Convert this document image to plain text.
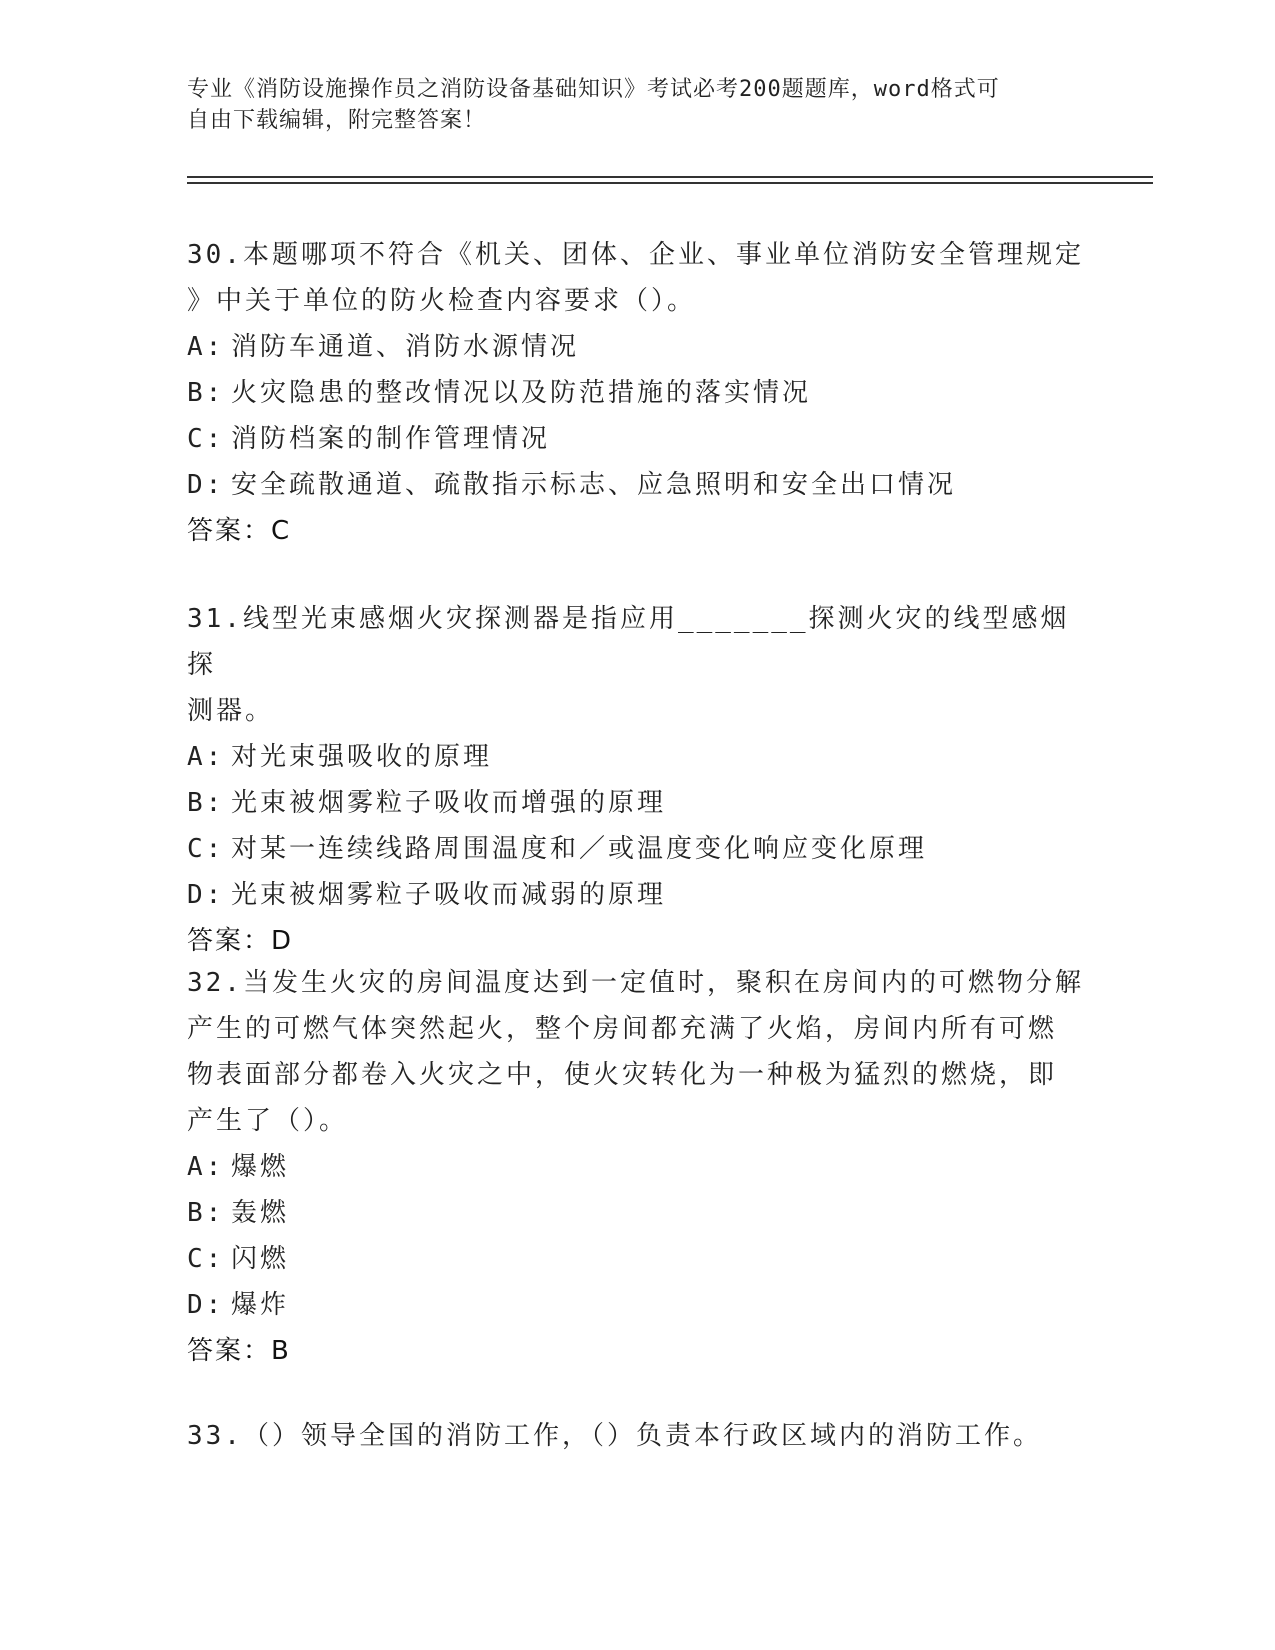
专业《消防设施操作员之消防设备基础知识》考试必考200题题库，word格式可
自由下载编辑，附完整答案！
30.本题哪项不符合《机关、团体、企业、事业单位消防安全管理规定
》中关于单位的防火检查内容要求（）。
A: 消防车通道、消防水源情况
B: 火灾隐患的整改情况以及防范措施的落实情况
C: 消防档案的制作管理情况
D: 安全疏散通道、疏散指示标志、应急照明和安全出口情况
答案：C
31.线型光束感烟火灾探测器是指应用_______探测火灾的线型感烟探
测器。
A: 对光束强吸收的原理
B: 光束被烟雾粒子吸收而增强的原理
C: 对某一连续线路周围温度和／或温度变化响应变化原理
D: 光束被烟雾粒子吸收而减弱的原理
答案：D
32.当发生火灾的房间温度达到一定值时，聚积在房间内的可燃物分解
产生的可燃气体突然起火，整个房间都充满了火焰，房间内所有可燃
物表面部分都卷入火灾之中，使火灾转化为一种极为猛烈的燃烧，即
产生了（）。
A: 爆燃
B: 轰燃
C: 闪燃
D: 爆炸
答案：B
33.（）领导全国的消防工作，（）负责本行政区域内的消防工作。
